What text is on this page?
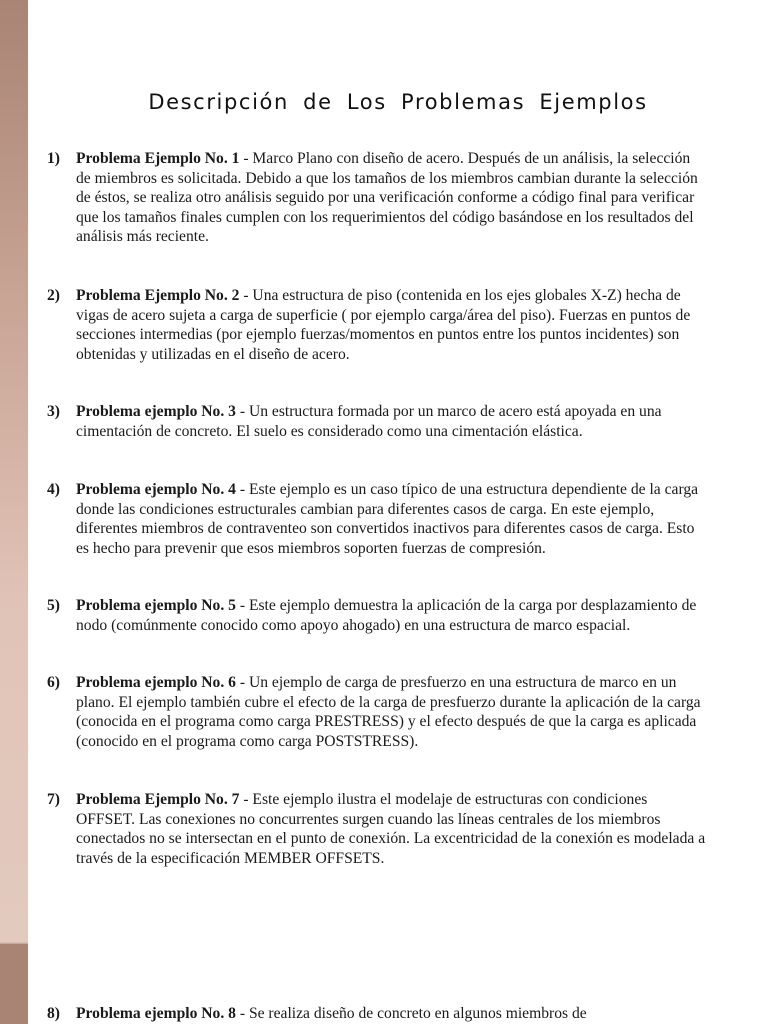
Descripción de Los Problemas Ejemplos
1) Problema Ejemplo No. 1 - Marco Plano con diseño de acero. Después de un análisis, la selección de miembros es solicitada. Debido a que los tamaños de los miembros cambian durante la selección de éstos, se realiza otro análisis seguido por una verificación conforme a código final para verificar que los tamaños finales cumplen con los requerimientos del código basándose en los resultados del análisis más reciente.
2) Problema Ejemplo No. 2 - Una estructura de piso (contenida en los ejes globales X-Z) hecha de vigas de acero sujeta a carga de superficie ( por ejemplo carga/área del piso). Fuerzas en puntos de secciones intermedias (por ejemplo fuerzas/momentos en puntos entre los puntos incidentes) son obtenidas y utilizadas en el diseño de acero.
3) Problema ejemplo No. 3 - Un estructura formada por un marco de acero está apoyada en una cimentación de concreto. El suelo es considerado como una cimentación elástica.
4) Problema ejemplo No. 4 - Este ejemplo es un caso típico de una estructura dependiente de la carga donde las condiciones estructurales cambian para diferentes casos de carga. En este ejemplo, diferentes miembros de contraventeo son convertidos inactivos para diferentes casos de carga. Esto es hecho para prevenir que esos miembros soporten fuerzas de compresión.
5) Problema ejemplo No. 5 - Este ejemplo demuestra la aplicación de la carga por desplazamiento de nodo (comúnmente conocido como apoyo ahogado) en una estructura de marco espacial.
6) Problema ejemplo No. 6 - Un ejemplo de carga de presfuerzo en una estructura de marco en un plano. El ejemplo también cubre el efecto de la carga de presfuerzo durante la aplicación de la carga (conocida en el programa como carga PRESTRESS) y el efecto después de que la carga es aplicada (conocido en el programa como carga POSTSTRESS).
7) Problema Ejemplo No. 7 - Este ejemplo ilustra el modelaje de estructuras con condiciones OFFSET. Las conexiones no concurrentes surgen cuando las líneas centrales de los miembros conectados no se intersectan en el punto de conexión. La excentricidad de la conexión es modelada a través de la especificación MEMBER OFFSETS.
8) Problema ejemplo No. 8 - Se realiza diseño de concreto en algunos miembros de
